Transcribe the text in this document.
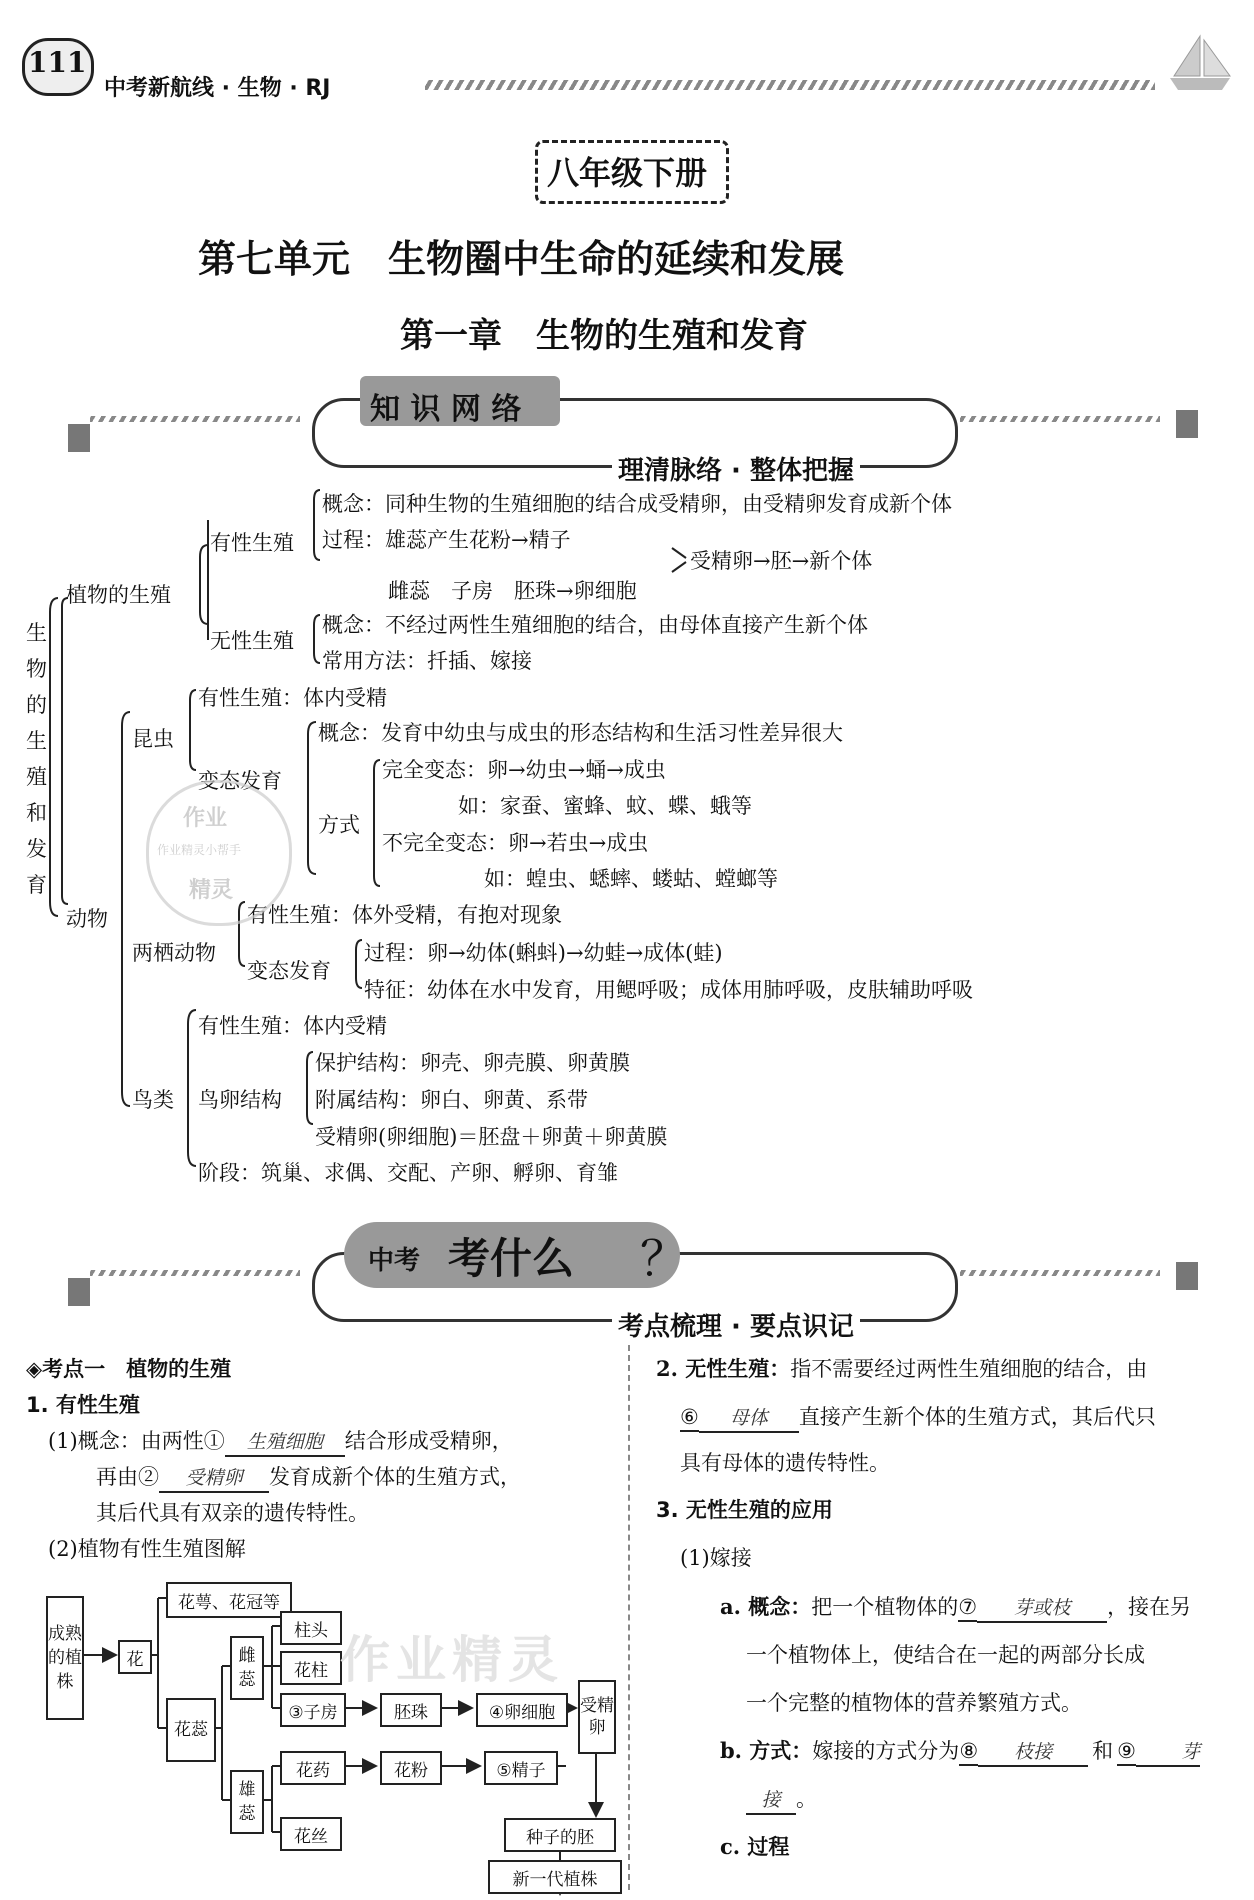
111
中考新航线 · 生物 · RJ
八年级下册
第七单元　生物圈中生命的延续和发展
第一章　生物的生殖和发育
知 识 网 络
理清脉络 · 整体把握
生物的生殖和发育
植物的生殖
有性生殖
概念：同种生物的生殖细胞的结合成受精卵，由受精卵发育成新个体
过程：雄蕊产生花粉→精子
雌蕊　子房　胚珠→卵细胞
受精卵→胚→新个体
无性生殖
概念：不经过两性生殖细胞的结合，由母体直接产生新个体
常用方法：扦插、嫁接
动物
昆虫
有性生殖：体内受精
变态发育
概念：发育中幼虫与成虫的形态结构和生活习性差异很大
方式
完全变态：卵→幼虫→蛹→成虫
如：家蚕、蜜蜂、蚊、蝶、蛾等
不完全变态：卵→若虫→成虫
如：蝗虫、蟋蟀、蝼蛄、螳螂等
两栖动物
有性生殖：体外受精，有抱对现象
变态发育
过程：卵→幼体(蝌蚪)→幼蛙→成体(蛙)
特征：幼体在水中发育，用鳃呼吸；成体用肺呼吸，皮肤辅助呼吸
鸟类
有性生殖：体内受精
鸟卵结构
保护结构：卵壳、卵壳膜、卵黄膜
附属结构：卵白、卵黄、系带
受精卵(卵细胞)＝胚盘＋卵黄＋卵黄膜
阶段：筑巢、求偶、交配、产卵、孵卵、育雏
作业
作业精灵小帮手
精灵
中考 考什么 ？
考点梳理 · 要点识记
◈考点一　植物的生殖
1. 有性生殖
(1)概念：由两性① 生殖细胞 结合形成受精卵，
再由② 受精卵 发育成新个体的生殖方式，
其后代具有双亲的遗传特性。
(2)植物有性生殖图解
成熟的植株
花
花萼、花冠等
花蕊
雌蕊
柱头
花柱
③子房	胚珠	④卵细胞	受精卵
雄蕊
花药	花粉	⑤精子
花丝	种子的胚
新一代植株
作业精灵
2. 无性生殖：指不需要经过两性生殖细胞的结合，由
⑥ 母体 直接产生新个体的生殖方式，其后代只
具有母体的遗传特性。
3. 无性生殖的应用
(1)嫁接
a. 概念：把一个植物体的⑦ 芽或枝 ，接在另
一个植物体上，使结合在一起的两部分长成
一个完整的植物体的营养繁殖方式。
b. 方式：嫁接的方式分为⑧ 枝接 和 ⑨ 芽
接 。
c. 过程
